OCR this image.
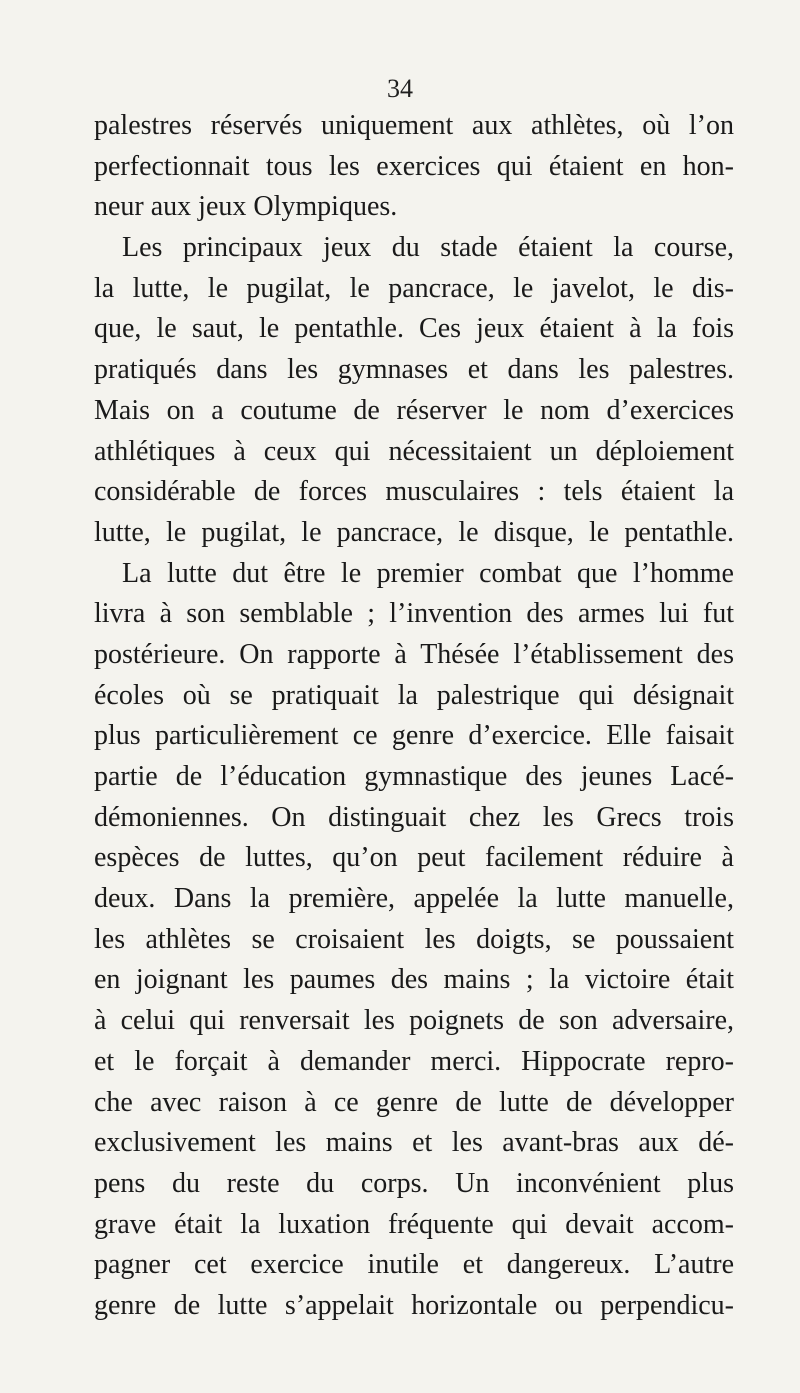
34
palestres réservés uniquement aux athlètes, où l’on
perfectionnait tous les exercices qui étaient en hon-
neur aux jeux Olympiques.
Les principaux jeux du stade étaient la course,
la lutte, le pugilat, le pancrace, le javelot, le dis-
que, le saut, le pentathle. Ces jeux étaient à la fois
pratiqués dans les gymnases et dans les palestres.
Mais on a coutume de réserver le nom d’exercices
athlétiques à ceux qui nécessitaient un déploiement
considérable de forces musculaires : tels étaient la
lutte, le pugilat, le pancrace, le disque, le pentathle.
La lutte dut être le premier combat que l’homme
livra à son semblable ; l’invention des armes lui fut
postérieure. On rapporte à Thésée l’établissement des
écoles où se pratiquait la palestrique qui désignait
plus particulièrement ce genre d’exercice. Elle faisait
partie de l’éducation gymnastique des jeunes Lacé-
démoniennes. On distinguait chez les Grecs trois
espèces de luttes, qu’on peut facilement réduire à
deux. Dans la première, appelée la lutte manuelle,
les athlètes se croisaient les doigts, se poussaient
en joignant les paumes des mains ; la victoire était
à celui qui renversait les poignets de son adversaire,
et le forçait à demander merci. Hippocrate repro-
che avec raison à ce genre de lutte de développer
exclusivement les mains et les avant-bras aux dé-
pens du reste du corps. Un inconvénient plus
grave était la luxation fréquente qui devait accom-
pagner cet exercice inutile et dangereux. L’autre
genre de lutte s’appelait horizontale ou perpendicu-
